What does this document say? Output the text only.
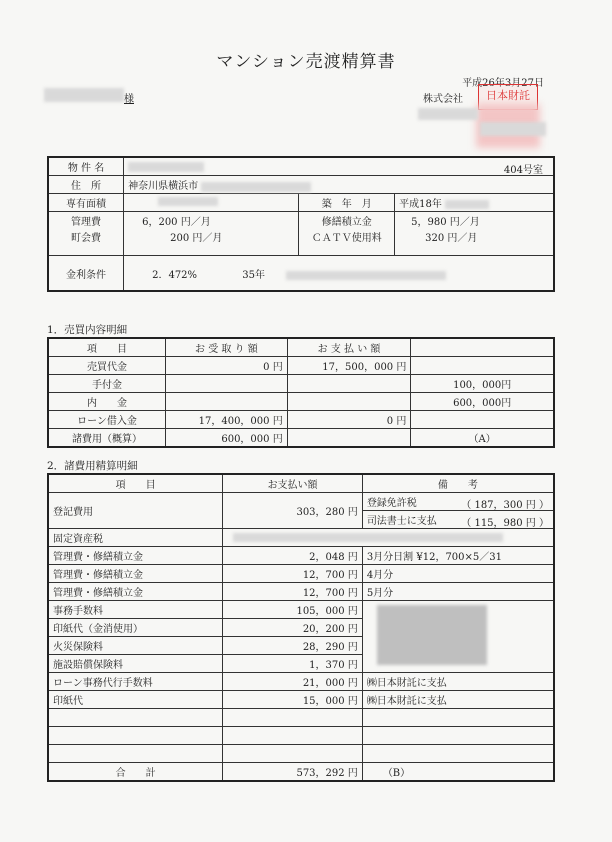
マンション売渡精算書
平成26年3月27日
様	株式会社	日本財託
物 件 名	404号室		

住　所	神奈川県横浜市		
専有面積		築　年　月	平成18年
管理費	6，200 円／月	修繕積立金	5，980 円／月
町会費	200 円／月	ＣＡＴＶ使用料	320 円／月
金利条件	2．472% 35年		
1．売買内容明細
項　　目	お 受 取 り 額	お 支 払 い 額	
売買代金	0 円	17，500，000 円	
手付金			100，000円
内　　金			600，000円
ローン借入金	17，400，000 円	0 円	
諸費用（概算）	600，000 円		（A）
2．諸費用精算明細
項　　目	お支払い額	備　　考
登記費用	303，280 円	登録免許税 （ 187，300 円 ）

		司法書士に支払 （ 115，980 円 ）

固定資産税		
管理費・修繕積立金	2，048 円	3月分日割 ¥12，700×5／31
管理費・修繕積立金	12，700 円	4月分
管理費・修繕積立金	12，700 円	5月分
事務手数料	105，000 円	

印紙代（金消使用）	20，200 円	
火災保険料	28，290 円	
施設賠償保険料	1，370 円	
ローン事務代行手数料	21，000 円	㈱日本財託に支払
印紙代	15，000 円	㈱日本財託に支払

合　　計	573，292 円	（B）
